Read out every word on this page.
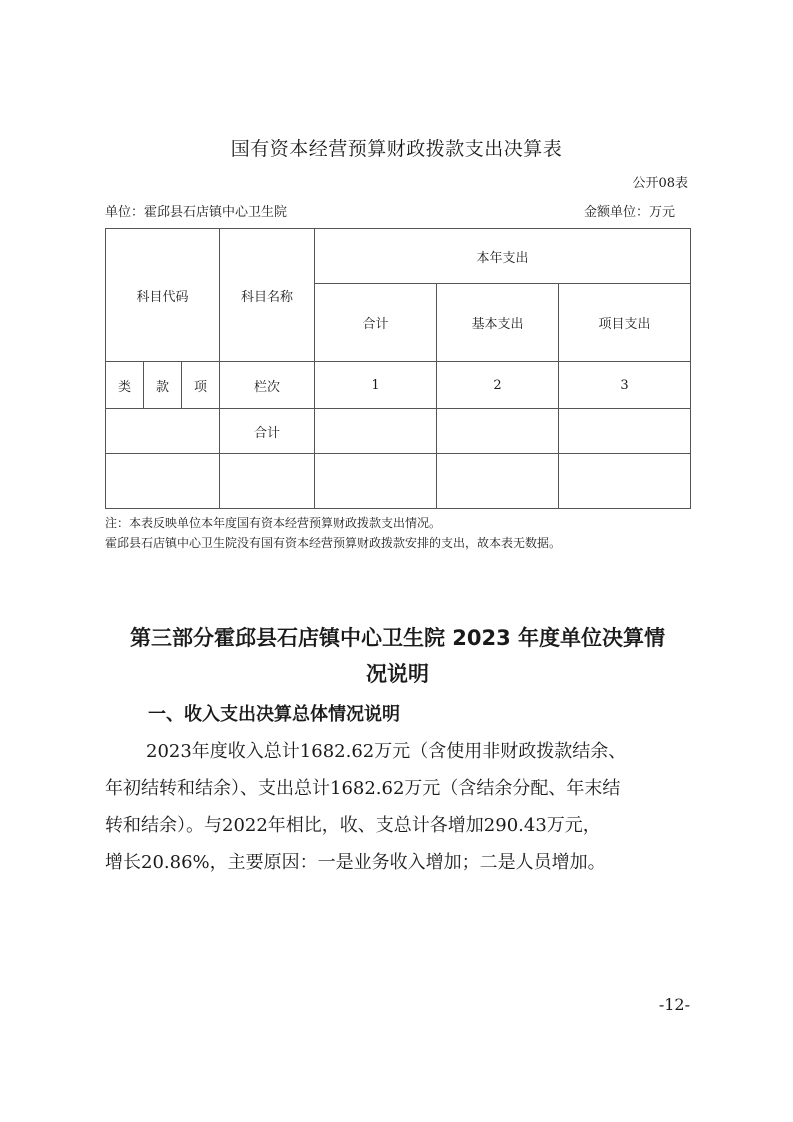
国有资本经营预算财政拨款支出决算表
公开08表
单位：霍邱县石店镇中心卫生院	金额单位：万元
科目代码			科目名称	本年支出		
				合计	基本支出	项目支出
类	款	项	栏次	1	2	3
			合计			

注：本表反映单位本年度国有资本经营预算财政拨款支出情况。
霍邱县石店镇中心卫生院没有国有资本经营预算财政拨款安排的支出，故本表无数据。
第三部分霍邱县石店镇中心卫生院 2023 年度单位决算情
况说明
一、收入支出决算总体情况说明
2023年度收入总计1682.62万元（含使用非财政拨款结余、
年初结转和结余）、支出总计1682.62万元（含结余分配、年末结
转和结余）。与2022年相比，收、支总计各增加290.43万元，
增长20.86%，主要原因：一是业务收入增加；二是人员增加。
-12-
